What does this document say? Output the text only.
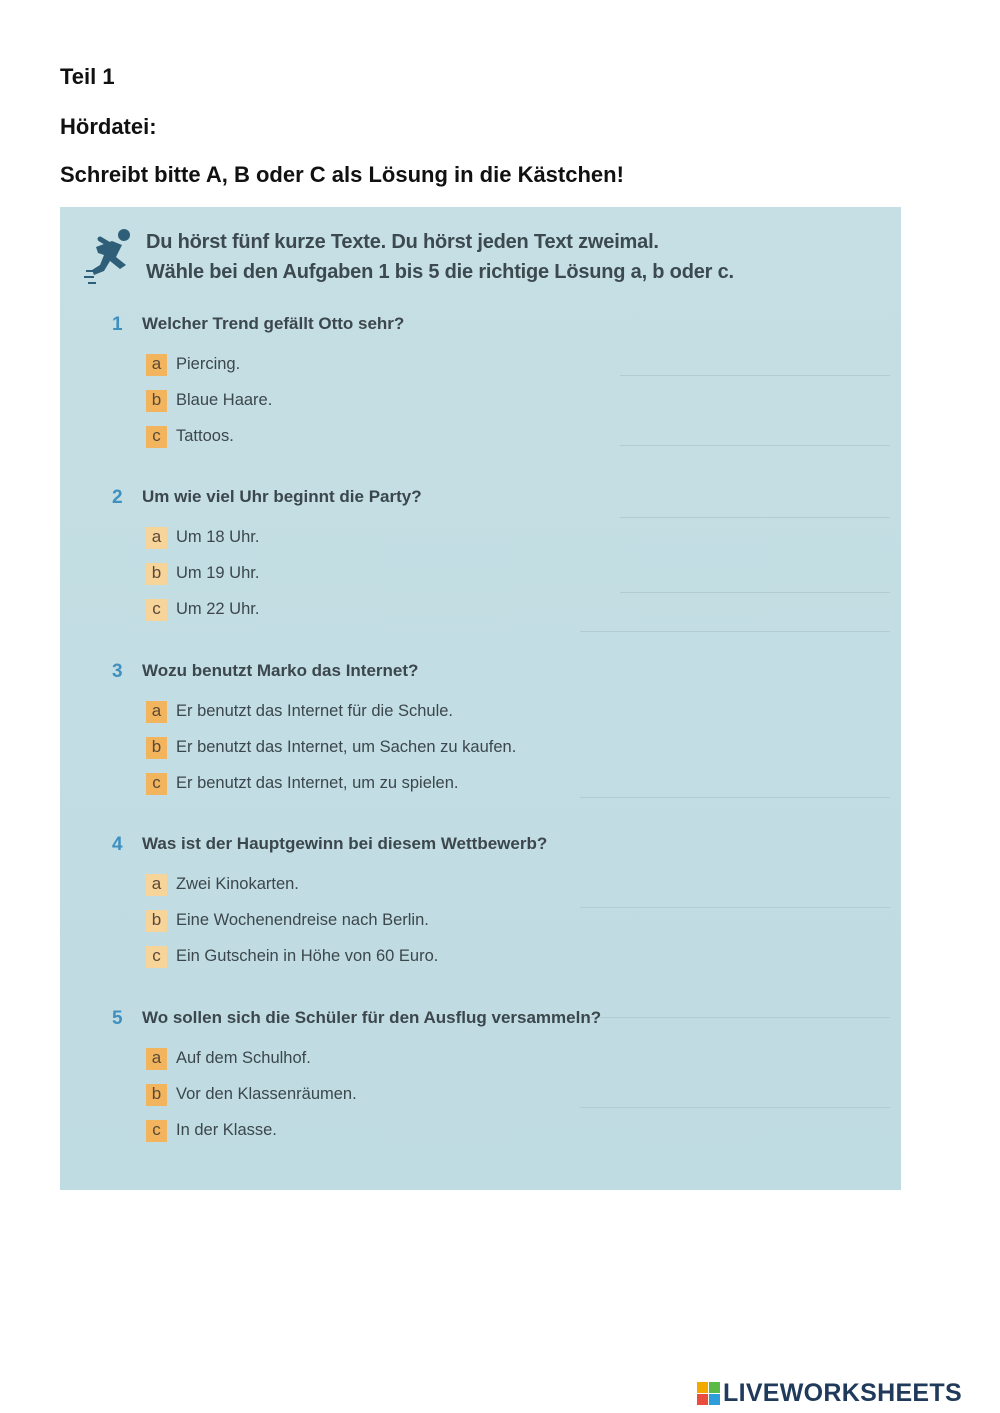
Teil 1
Hördatei:
Schreibt bitte A, B oder C als Lösung in die Kästchen!
Du hörst fünf kurze Texte. Du hörst jeden Text zweimal.
Wähle bei den Aufgaben 1 bis 5 die richtige Lösung a, b oder c.
1 Welcher Trend gefällt Otto sehr?
a Piercing.
b Blaue Haare.
c Tattoos.
2 Um wie viel Uhr beginnt die Party?
a Um 18 Uhr.
b Um 19 Uhr.
c Um 22 Uhr.
3 Wozu benutzt Marko das Internet?
a Er benutzt das Internet für die Schule.
b Er benutzt das Internet, um Sachen zu kaufen.
c Er benutzt das Internet, um zu spielen.
4 Was ist der Hauptgewinn bei diesem Wettbewerb?
a Zwei Kinokarten.
b Eine Wochenendreise nach Berlin.
c Ein Gutschein in Höhe von 60 Euro.
5 Wo sollen sich die Schüler für den Ausflug versammeln?
a Auf dem Schulhof.
b Vor den Klassenräumen.
c In der Klasse.
LIVEWORKSHEETS
